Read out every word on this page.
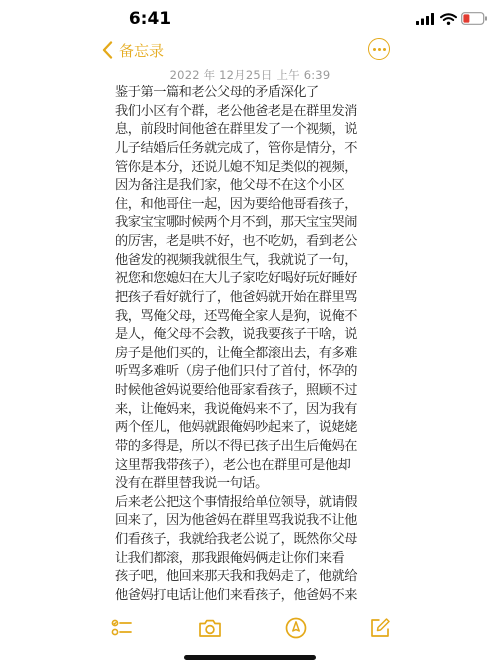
6:41
备忘录
2022 年 12月25日 上午 6:39
鉴于第一篇和老公父母的矛盾深化了
我们小区有个群，老公他爸老是在群里发消
息，前段时间他爸在群里发了一个视频，说
儿子结婚后任务就完成了，管你是情分，不
管你是本分，还说儿媳不知足类似的视频，
因为备注是我们家，他父母不在这个小区
住，和他哥住一起，因为要给他哥看孩子，
我家宝宝哪时候两个月不到，那天宝宝哭闹
的厉害，老是哄不好，也不吃奶，看到老公
他爸发的视频我就很生气，我就说了一句，
祝您和您媳妇在大儿子家吃好喝好玩好睡好
把孩子看好就行了，他爸妈就开始在群里骂
我，骂俺父母，还骂俺全家人是狗，说俺不
是人，俺父母不会教，说我要孩子干啥，说
房子是他们买的，让俺全都滚出去，有多难
听骂多难听（房子他们只付了首付，怀孕的
时候他爸妈说要给他哥家看孩子，照顾不过
来，让俺妈来，我说俺妈来不了，因为我有
两个侄儿，他妈就跟俺妈吵起来了，说姥姥
带的多得是，所以不得已孩子出生后俺妈在
这里帮我带孩子），老公也在群里可是他却
没有在群里替我说一句话。
后来老公把这个事情报给单位领导，就请假
回来了，因为他爸妈在群里骂我说我不让他
们看孩子，我就给我老公说了，既然你父母
让我们都滚，那我跟俺妈俩走让你们来看
孩子吧，他回来那天我和我妈走了，他就给
他爸妈打电话让他们来看孩子，他爸妈不来
